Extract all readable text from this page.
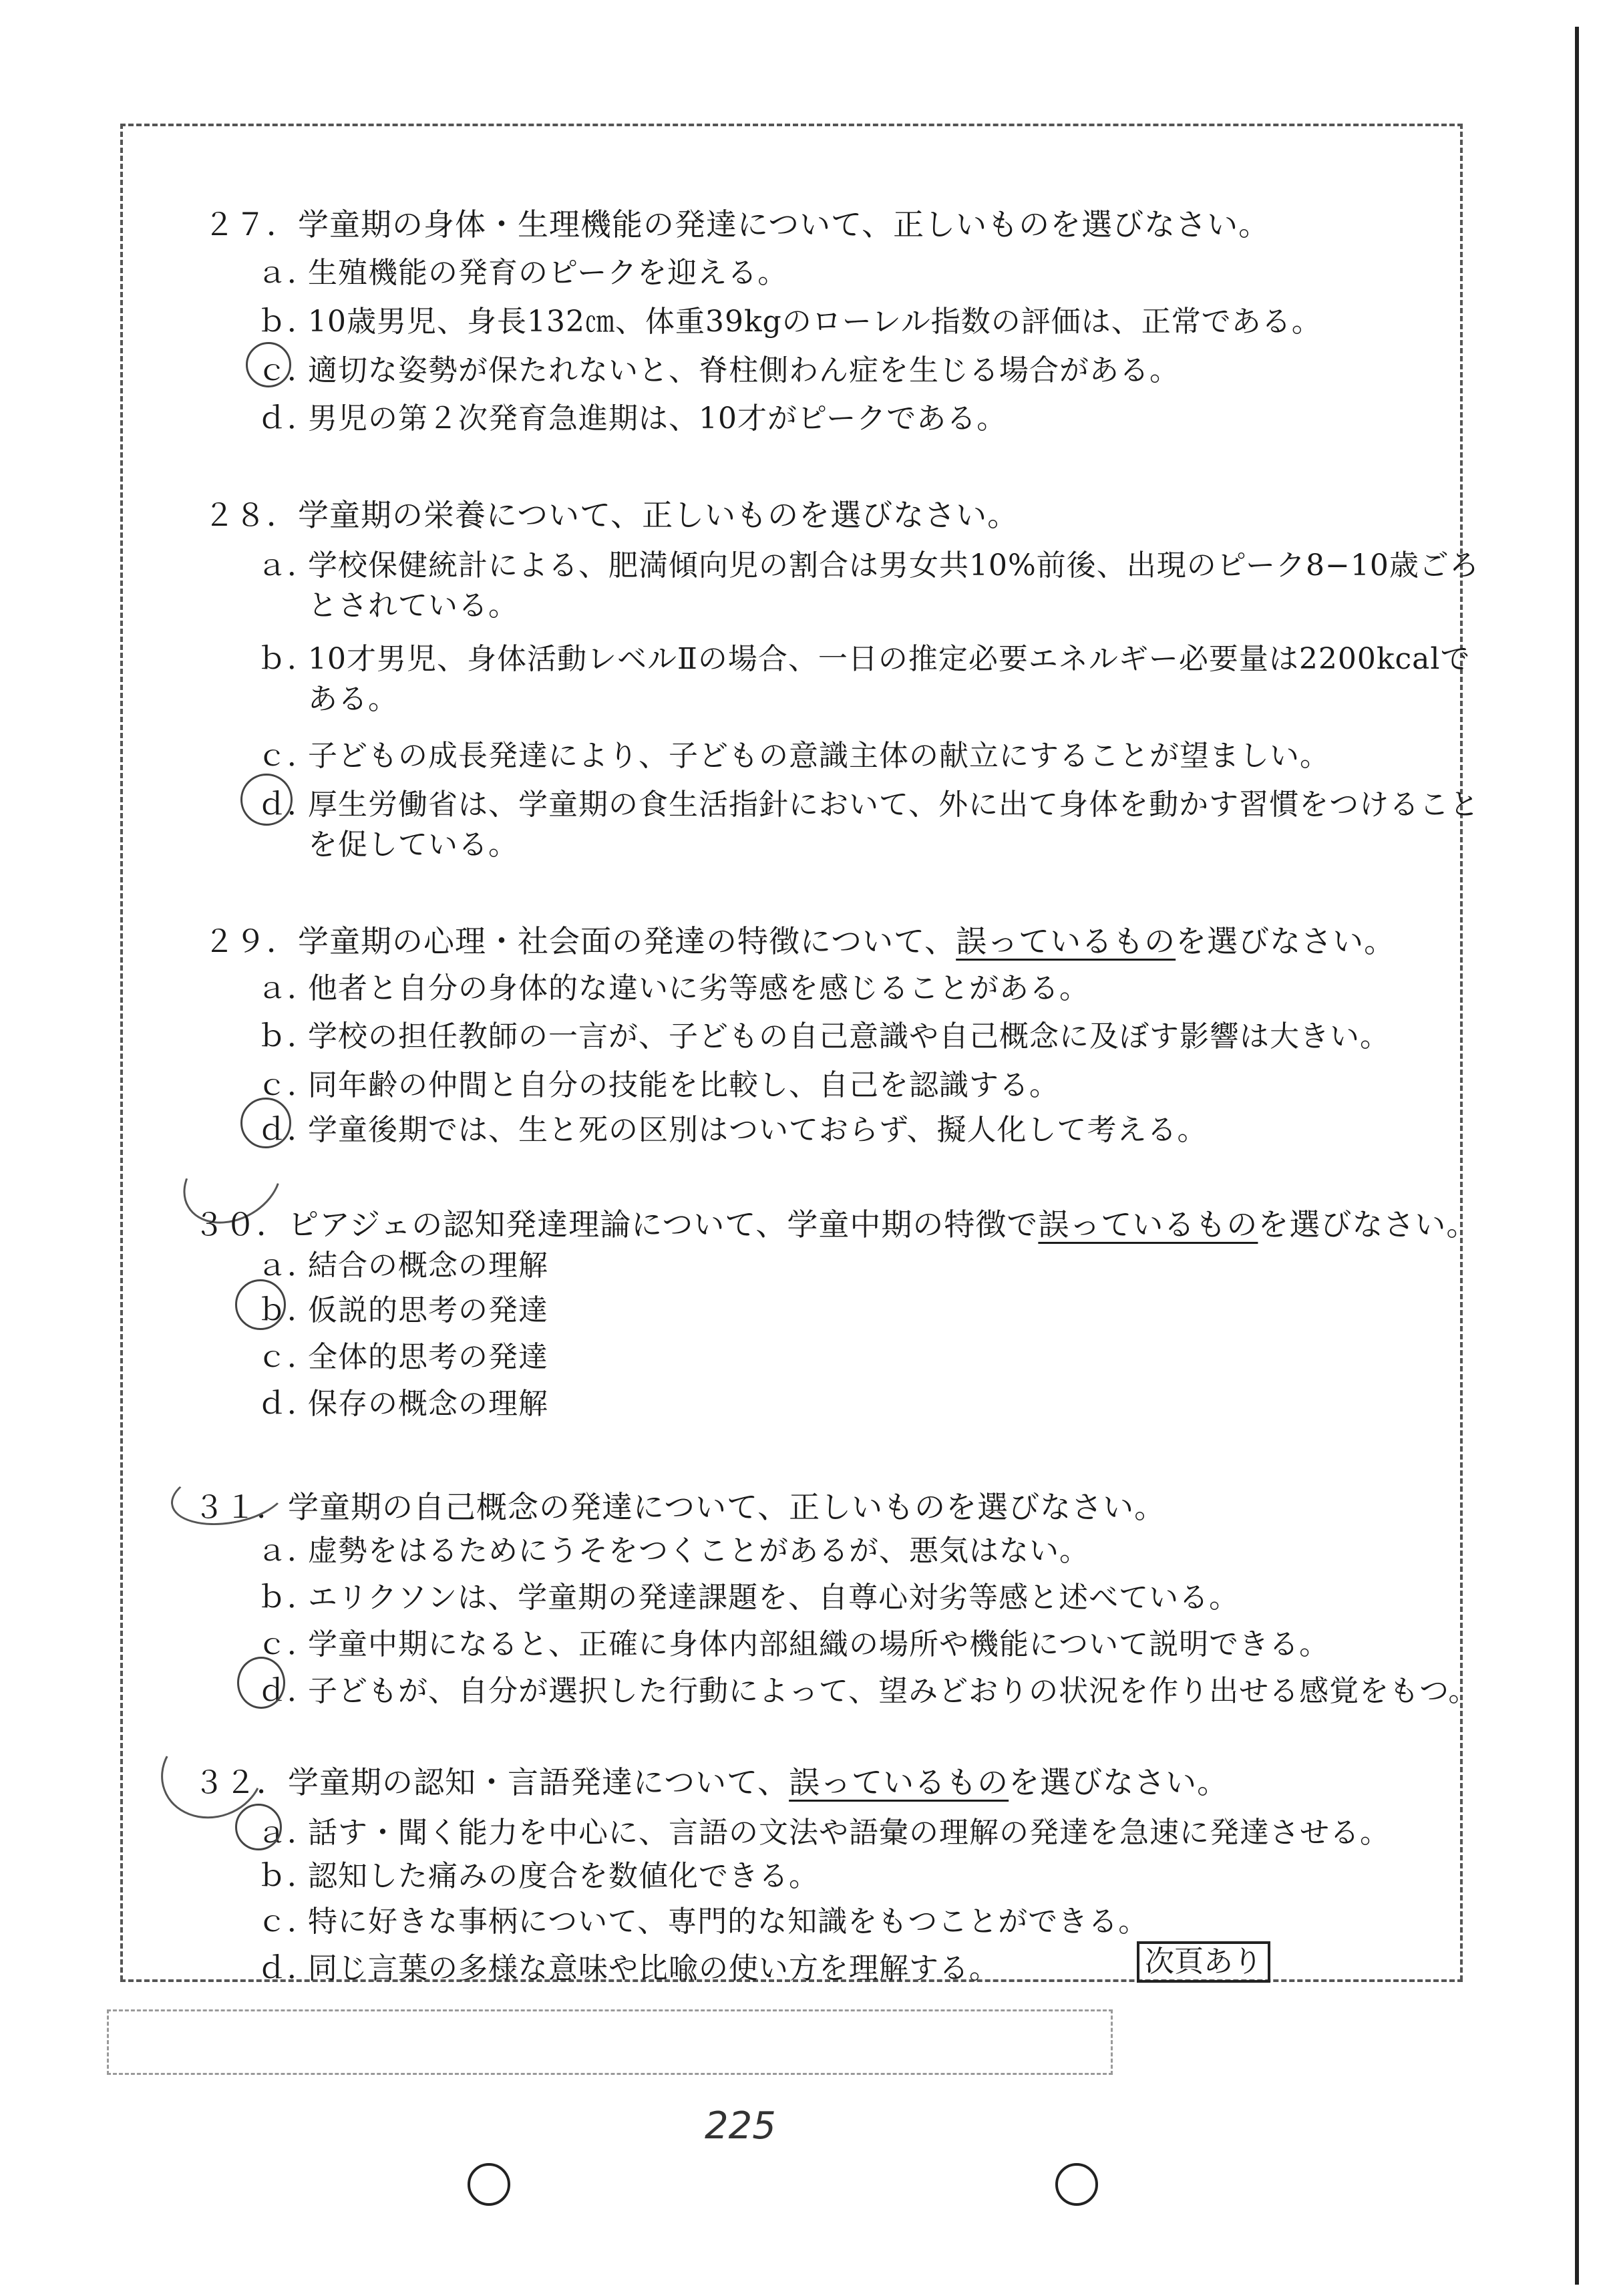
２７．学童期の身体・生理機能の発達について、正しいものを選びなさい。
ａ．生殖機能の発育のピークを迎える。
ｂ．10歳男児、身長132㎝、体重39kgのローレル指数の評価は、正常である。
ｃ．適切な姿勢が保たれないと、脊柱側わん症を生じる場合がある。
ｄ．男児の第２次発育急進期は、10才がピークである。
２８．学童期の栄養について、正しいものを選びなさい。
ａ．学校保健統計による、肥満傾向児の割合は男女共10%前後、出現のピーク8−10歳ごろ
とされている。
ｂ．10才男児、身体活動レベルⅡの場合、一日の推定必要エネルギー必要量は2200kcalで
ある。
ｃ．子どもの成長発達により、子どもの意識主体の献立にすることが望ましい。
ｄ．厚生労働省は、学童期の食生活指針において、外に出て身体を動かす習慣をつけること
を促している。
２９．学童期の心理・社会面の発達の特徴について、誤っているものを選びなさい。
ａ．他者と自分の身体的な違いに劣等感を感じることがある。
ｂ．学校の担任教師の一言が、子どもの自己意識や自己概念に及ぼす影響は大きい。
ｃ．同年齢の仲間と自分の技能を比較し、自己を認識する。
ｄ．学童後期では、生と死の区別はついておらず、擬人化して考える。
３０．ピアジェの認知発達理論について、学童中期の特徴で誤っているものを選びなさい。
ａ．結合の概念の理解
ｂ．仮説的思考の発達
ｃ．全体的思考の発達
ｄ．保存の概念の理解
３１．学童期の自己概念の発達について、正しいものを選びなさい。
ａ．虚勢をはるためにうそをつくことがあるが、悪気はない。
ｂ．エリクソンは、学童期の発達課題を、自尊心対劣等感と述べている。
ｃ．学童中期になると、正確に身体内部組織の場所や機能について説明できる。
ｄ．子どもが、自分が選択した行動によって、望みどおりの状況を作り出せる感覚をもつ。
３２．学童期の認知・言語発達について、誤っているものを選びなさい。
ａ．話す・聞く能力を中心に、言語の文法や語彙の理解の発達を急速に発達させる。
ｂ．認知した痛みの度合を数値化できる。
ｃ．特に好きな事柄について、専門的な知識をもつことができる。
ｄ．同じ言葉の多様な意味や比喩の使い方を理解する。	次頁あり
225
